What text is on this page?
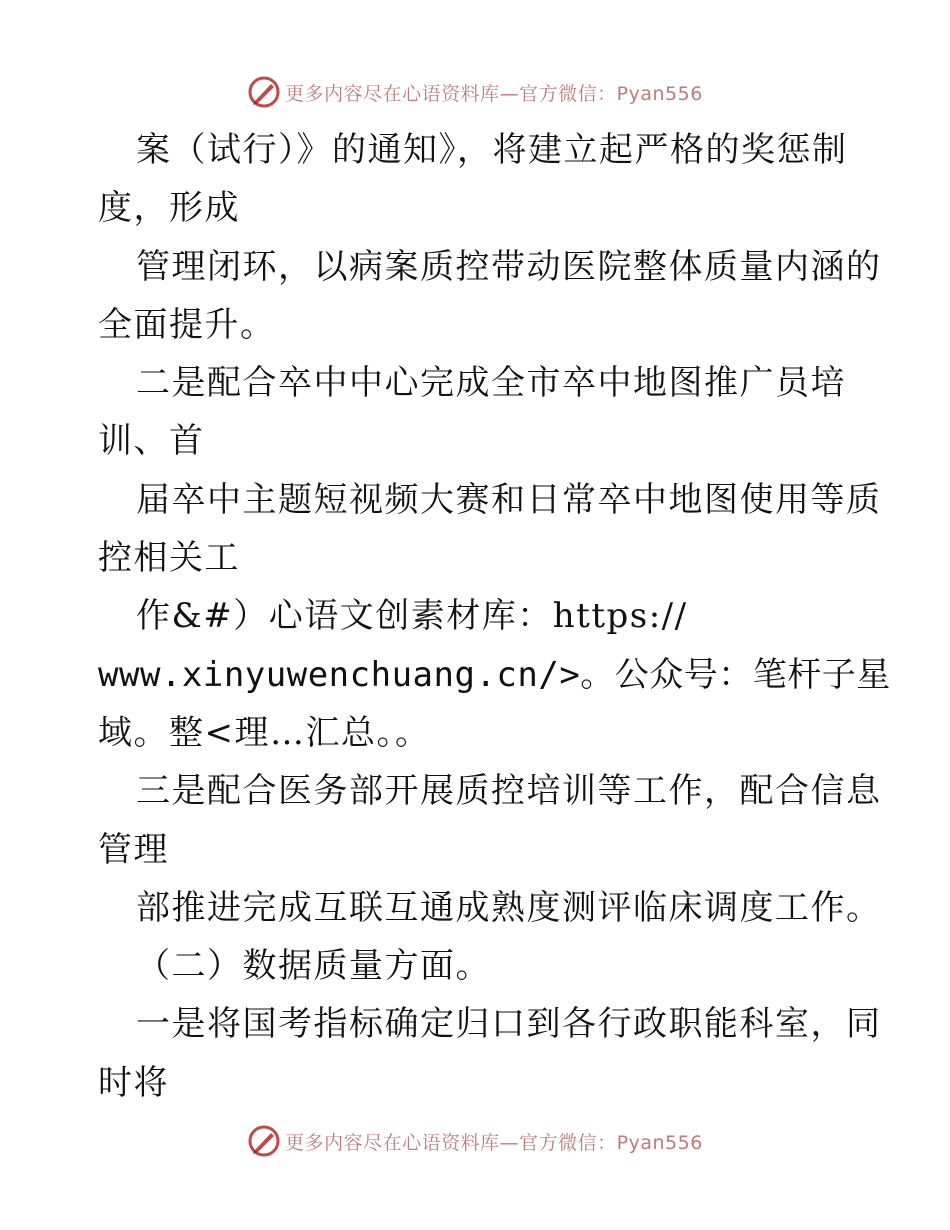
更多内容尽在心语资料库—官方微信：Pyan556
案（试行）》的通知》，将建立起严格的奖惩制
度，形成
管理闭环，以病案质控带动医院整体质量内涵的
全面提升。
二是配合卒中中心完成全市卒中地图推广员培
训、首
届卒中主题短视频大赛和日常卒中地图使用等质
控相关工
作&#）心语文创素材库：https://
www.xinyuwenchuang.cn/>。公众号：笔杆子星
域。整<理…汇总。。
三是配合医务部开展质控培训等工作，配合信息
管理
部推进完成互联互通成熟度测评临床调度工作。
（二）数据质量方面。
一是将国考指标确定归口到各行政职能科室，同
时将
更多内容尽在心语资料库—官方微信：Pyan556
